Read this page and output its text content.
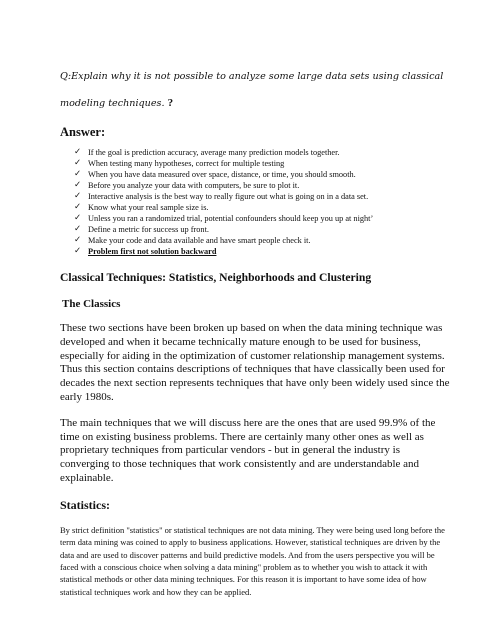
Q:Explain why it is not possible to analyze some large data sets using classical modeling techniques. ?

Answer:
✓ If the goal is prediction accuracy, average many prediction models together.
✓ When testing many hypotheses, correct for multiple testing
✓ When you have data measured over space, distance, or time, you should smooth.
✓ Before you analyze your data with computers, be sure to plot it.
✓ Interactive analysis is the best way to really figure out what is going on in a data set.
✓ Know what your real sample size is.
✓ Unless you ran a randomized trial, potential confounders should keep you up at night’
✓ Define a metric for success up front.
✓ Make your code and data available and have smart people check it.
✓ Problem first not solution backward
Classical Techniques: Statistics, Neighborhoods and Clustering
The Classics

These two sections have been broken up based on when the data mining technique was developed and when it became technically mature enough to be used for business, especially for aiding in the optimization of customer relationship management systems. Thus this section contains descriptions of techniques that have classically been used for decades the next section represents techniques that have only been widely used since the early 1980s.

The main techniques that we will discuss here are the ones that are used 99.9% of the time on existing business problems. There are certainly many other ones as well as proprietary techniques from particular vendors - but in general the industry is converging to those techniques that work consistently and are understandable and explainable.

Statistics:

By strict definition "statistics" or statistical techniques are not data mining. They were being used long before the term data mining was coined to apply to business applications. However, statistical techniques are driven by the data and are used to discover patterns and build predictive models. And from the users perspective you will be faced with a conscious choice when solving a data mining" problem as to whether you wish to attack it with statistical methods or other data mining techniques. For this reason it is important to have some idea of how statistical techniques work and how they can be applied.
